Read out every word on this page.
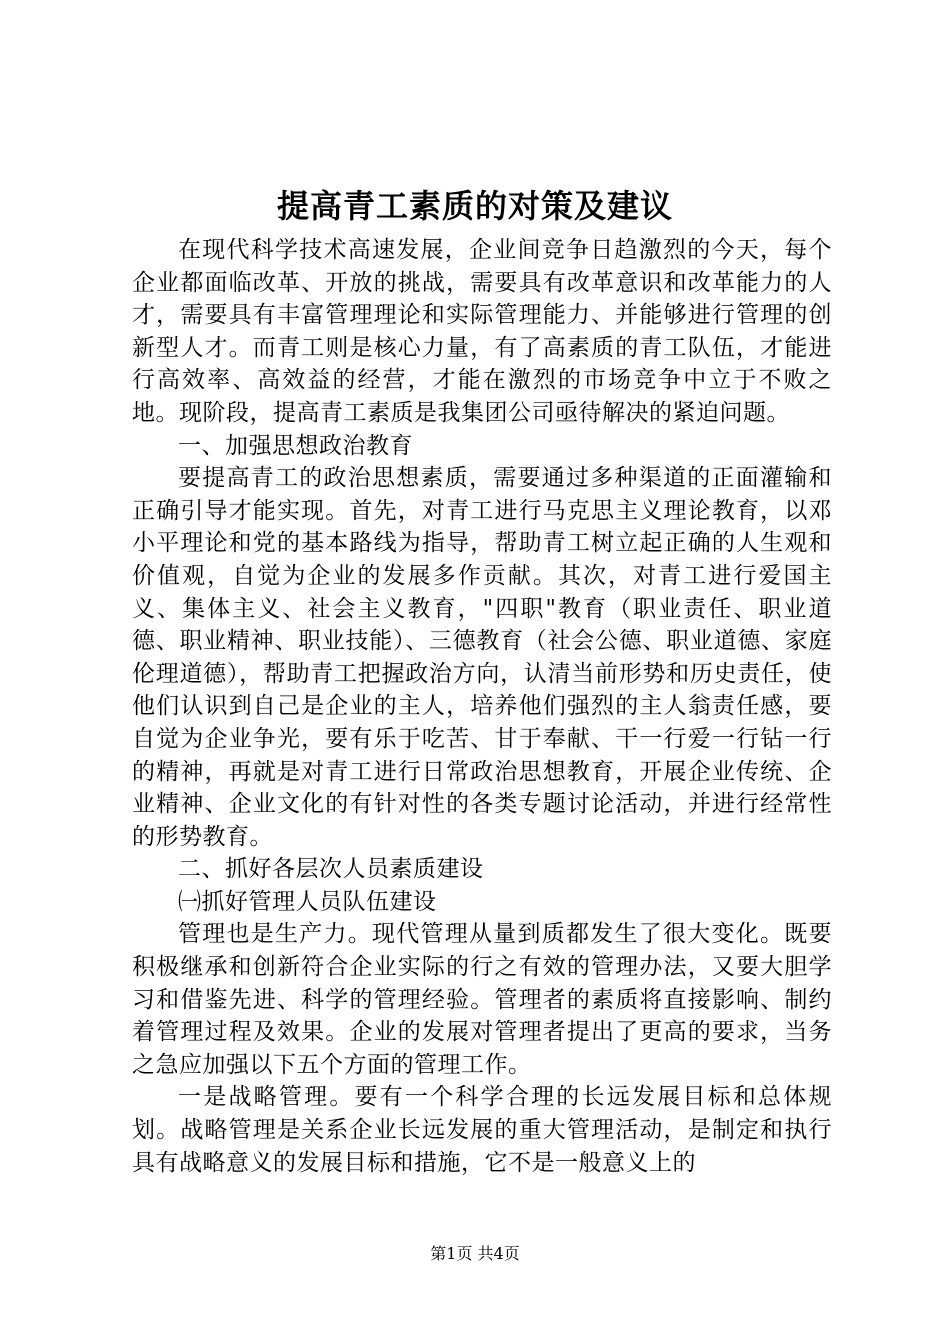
提高青工素质的对策及建议

在现代科学技术高速发展，企业间竞争日趋激烈的今天，每个企业都面临改革、开放的挑战，需要具有改革意识和改革能力的人才，需要具有丰富管理理论和实际管理能力、并能够进行管理的创新型人才。而青工则是核心力量，有了高素质的青工队伍，才能进行高效率、高效益的经营，才能在激烈的市场竞争中立于不败之地。现阶段，提高青工素质是我集团公司亟待解决的紧迫问题。

一、加强思想政治教育

要提高青工的政治思想素质，需要通过多种渠道的正面灌输和正确引导才能实现。首先，对青工进行马克思主义理论教育，以邓小平理论和党的基本路线为指导，帮助青工树立起正确的人生观和价值观，自觉为企业的发展多作贡献。其次，对青工进行爱国主义、集体主义、社会主义教育，"四职"教育（职业责任、职业道德、职业精神、职业技能）、三德教育（社会公德、职业道德、家庭伦理道德），帮助青工把握政治方向，认清当前形势和历史责任，使他们认识到自己是企业的主人，培养他们强烈的主人翁责任感，要自觉为企业争光，要有乐于吃苦、甘于奉献、干一行爱一行钻一行的精神，再就是对青工进行日常政治思想教育，开展企业传统、企业精神、企业文化的有针对性的各类专题讨论活动，并进行经常性的形势教育。

二、抓好各层次人员素质建设

㈠抓好管理人员队伍建设

管理也是生产力。现代管理从量到质都发生了很大变化。既要积极继承和创新符合企业实际的行之有效的管理办法，又要大胆学习和借鉴先进、科学的管理经验。管理者的素质将直接影响、制约着管理过程及效果。企业的发展对管理者提出了更高的要求，当务之急应加强以下五个方面的管理工作。

一是战略管理。要有一个科学合理的长远发展目标和总体规划。战略管理是关系企业长远发展的重大管理活动，是制定和执行具有战略意义的发展目标和措施，它不是一般意义上的

第1页 共4页
